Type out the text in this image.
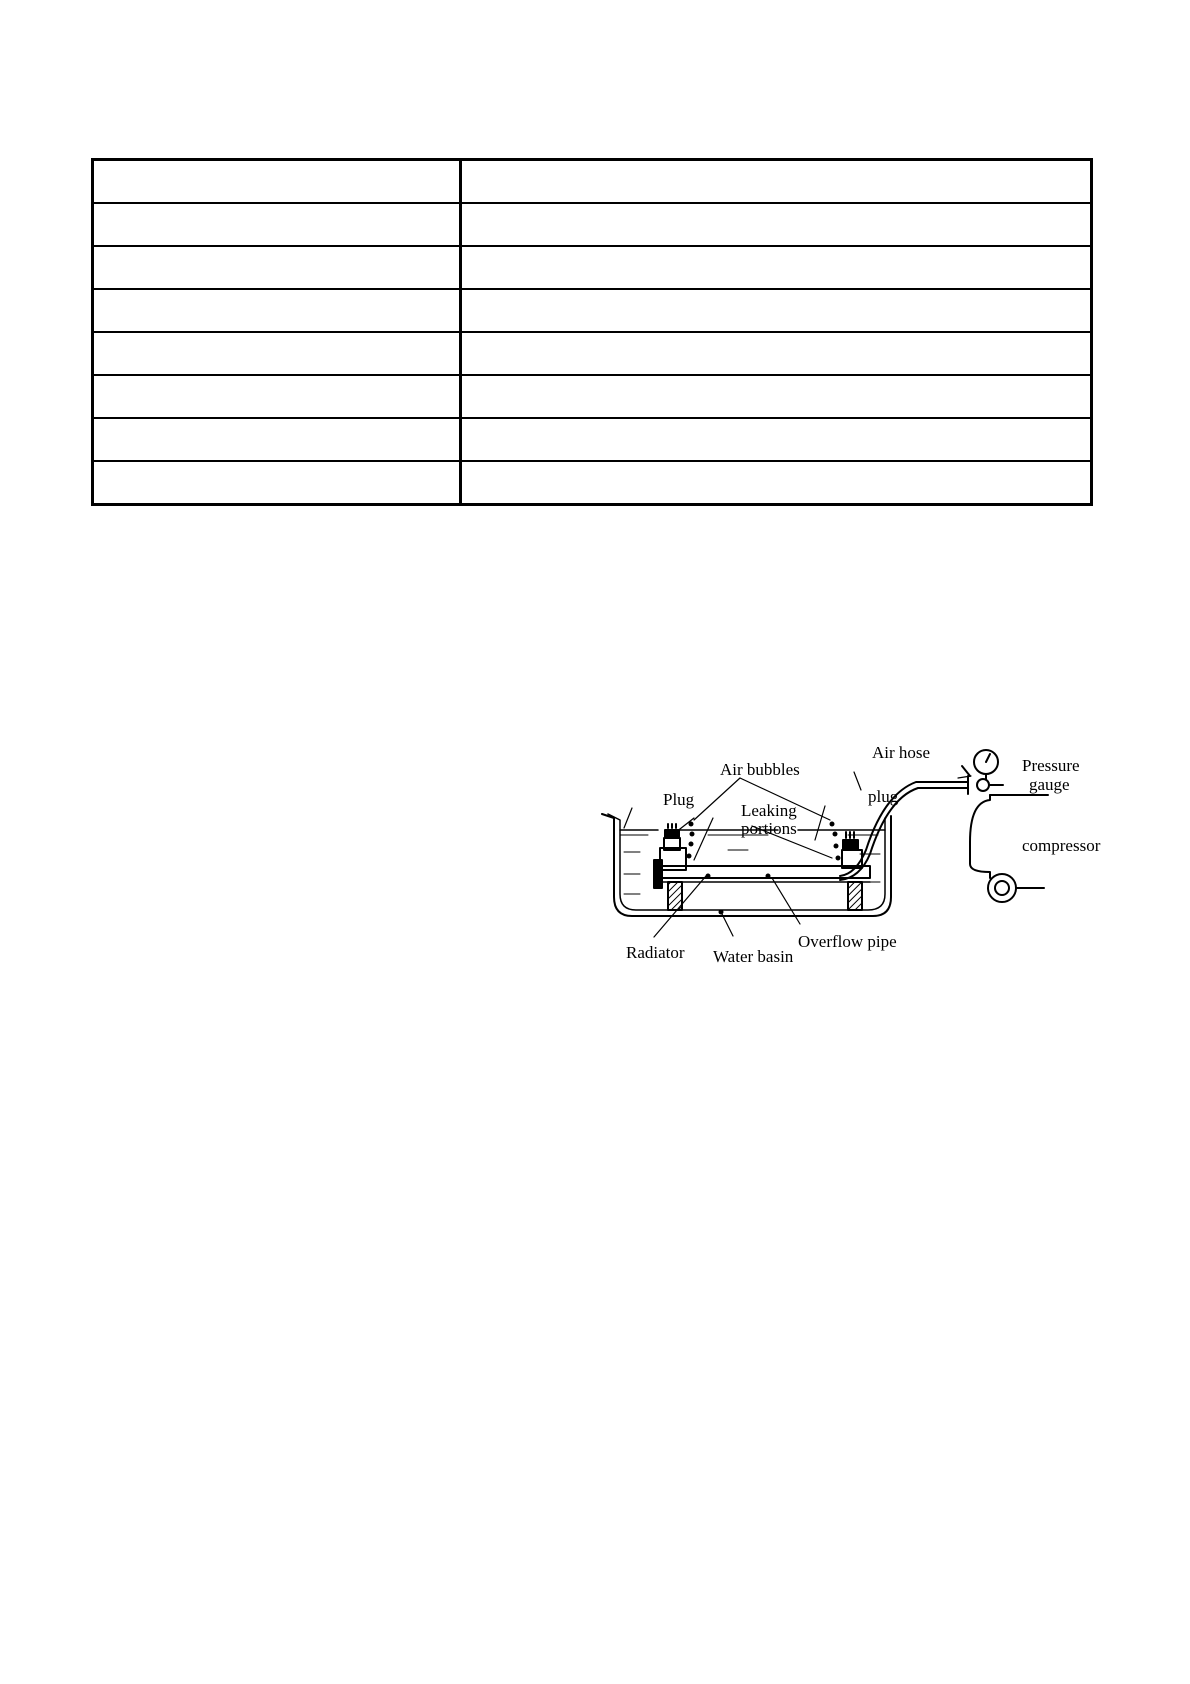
Air hose
Pressure
gauge
Air bubbles
Plug	plug
Leaking
portions
compressor
Overflow pipe
Radiator Water basin
